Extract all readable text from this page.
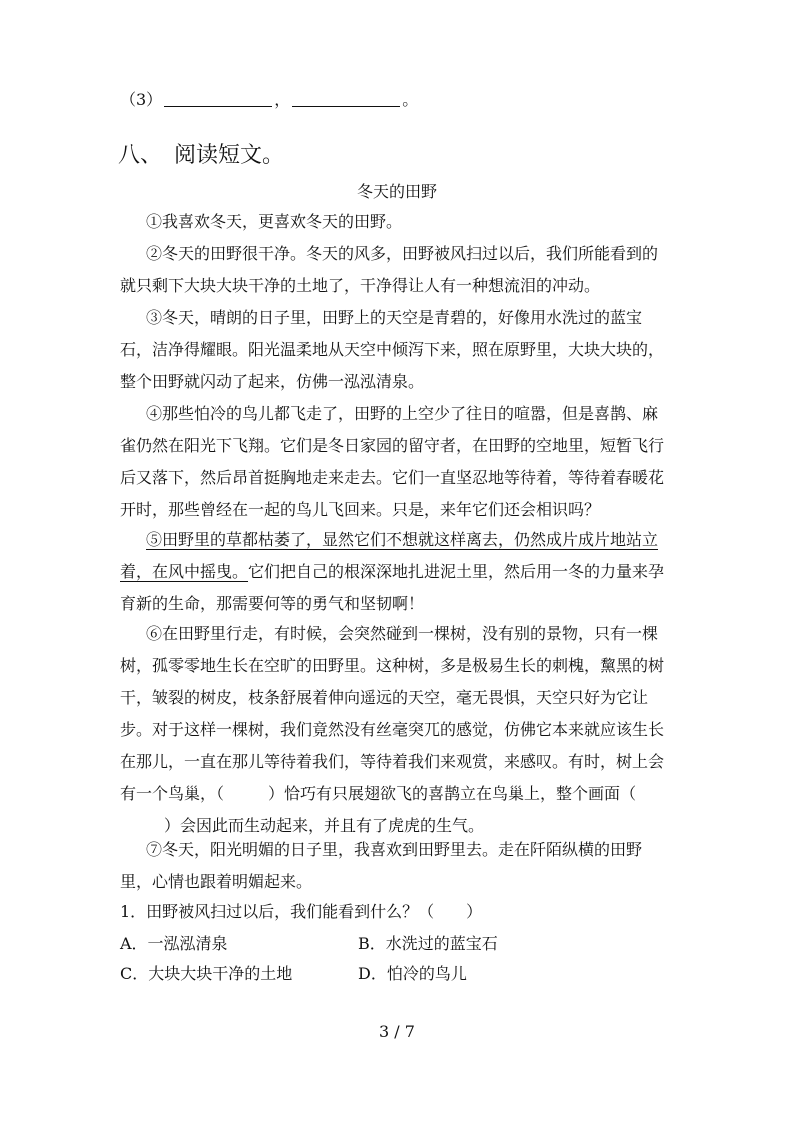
（3）	，	。
八、 阅读短文。
冬天的田野
①我喜欢冬天，更喜欢冬天的田野。
②冬天的田野很干净。冬天的风多，田野被风扫过以后，我们所能看到的就只剩下大块大块干净的土地了，干净得让人有一种想流泪的冲动。
③冬天，晴朗的日子里，田野上的天空是青碧的，好像用水洗过的蓝宝石，洁净得耀眼。阳光温柔地从天空中倾泻下来，照在原野里，大块大块的，整个田野就闪动了起来，仿佛一泓泓清泉。
④那些怕冷的鸟儿都飞走了，田野的上空少了往日的喧嚣，但是喜鹊、麻雀仍然在阳光下飞翔。它们是冬日家园的留守者，在田野的空地里，短暂飞行后又落下，然后昂首挺胸地走来走去。它们一直坚忍地等待着，等待着春暖花开时，那些曾经在一起的鸟儿飞回来。只是，来年它们还会相识吗？
⑤田野里的草都枯萎了，显然它们不想就这样离去，仍然成片成片地站立着，在风中摇曳。它们把自己的根深深地扎进泥土里，然后用一冬的力量来孕育新的生命，那需要何等的勇气和坚韧啊！
⑥在田野里行走，有时候，会突然碰到一棵树，没有别的景物，只有一棵树，孤零零地生长在空旷的田野里。这种树，多是极易生长的刺槐，黧黑的树干，皱裂的树皮，枝条舒展着伸向遥远的天空，毫无畏惧，天空只好为它让步。对于这样一棵树，我们竟然没有丝毫突兀的感觉，仿佛它本来就应该生长在那儿，一直在那儿等待着我们，等待着我们来观赏，来感叹。有时，树上会有一个鸟巢，（	）恰巧有只展翅欲飞的喜鹊立在鸟巢上，整个画面（）会因此而生动起来，并且有了虎虎的生气。
⑦冬天，阳光明媚的日子里，我喜欢到田野里去。走在阡陌纵横的田野里，心情也跟着明媚起来。
1．田野被风扫过以后，我们能看到什么？（　　）
A．一泓泓清泉	B．水洗过的蓝宝石
C．大块大块干净的土地	D．怕冷的鸟儿
3 / 7
